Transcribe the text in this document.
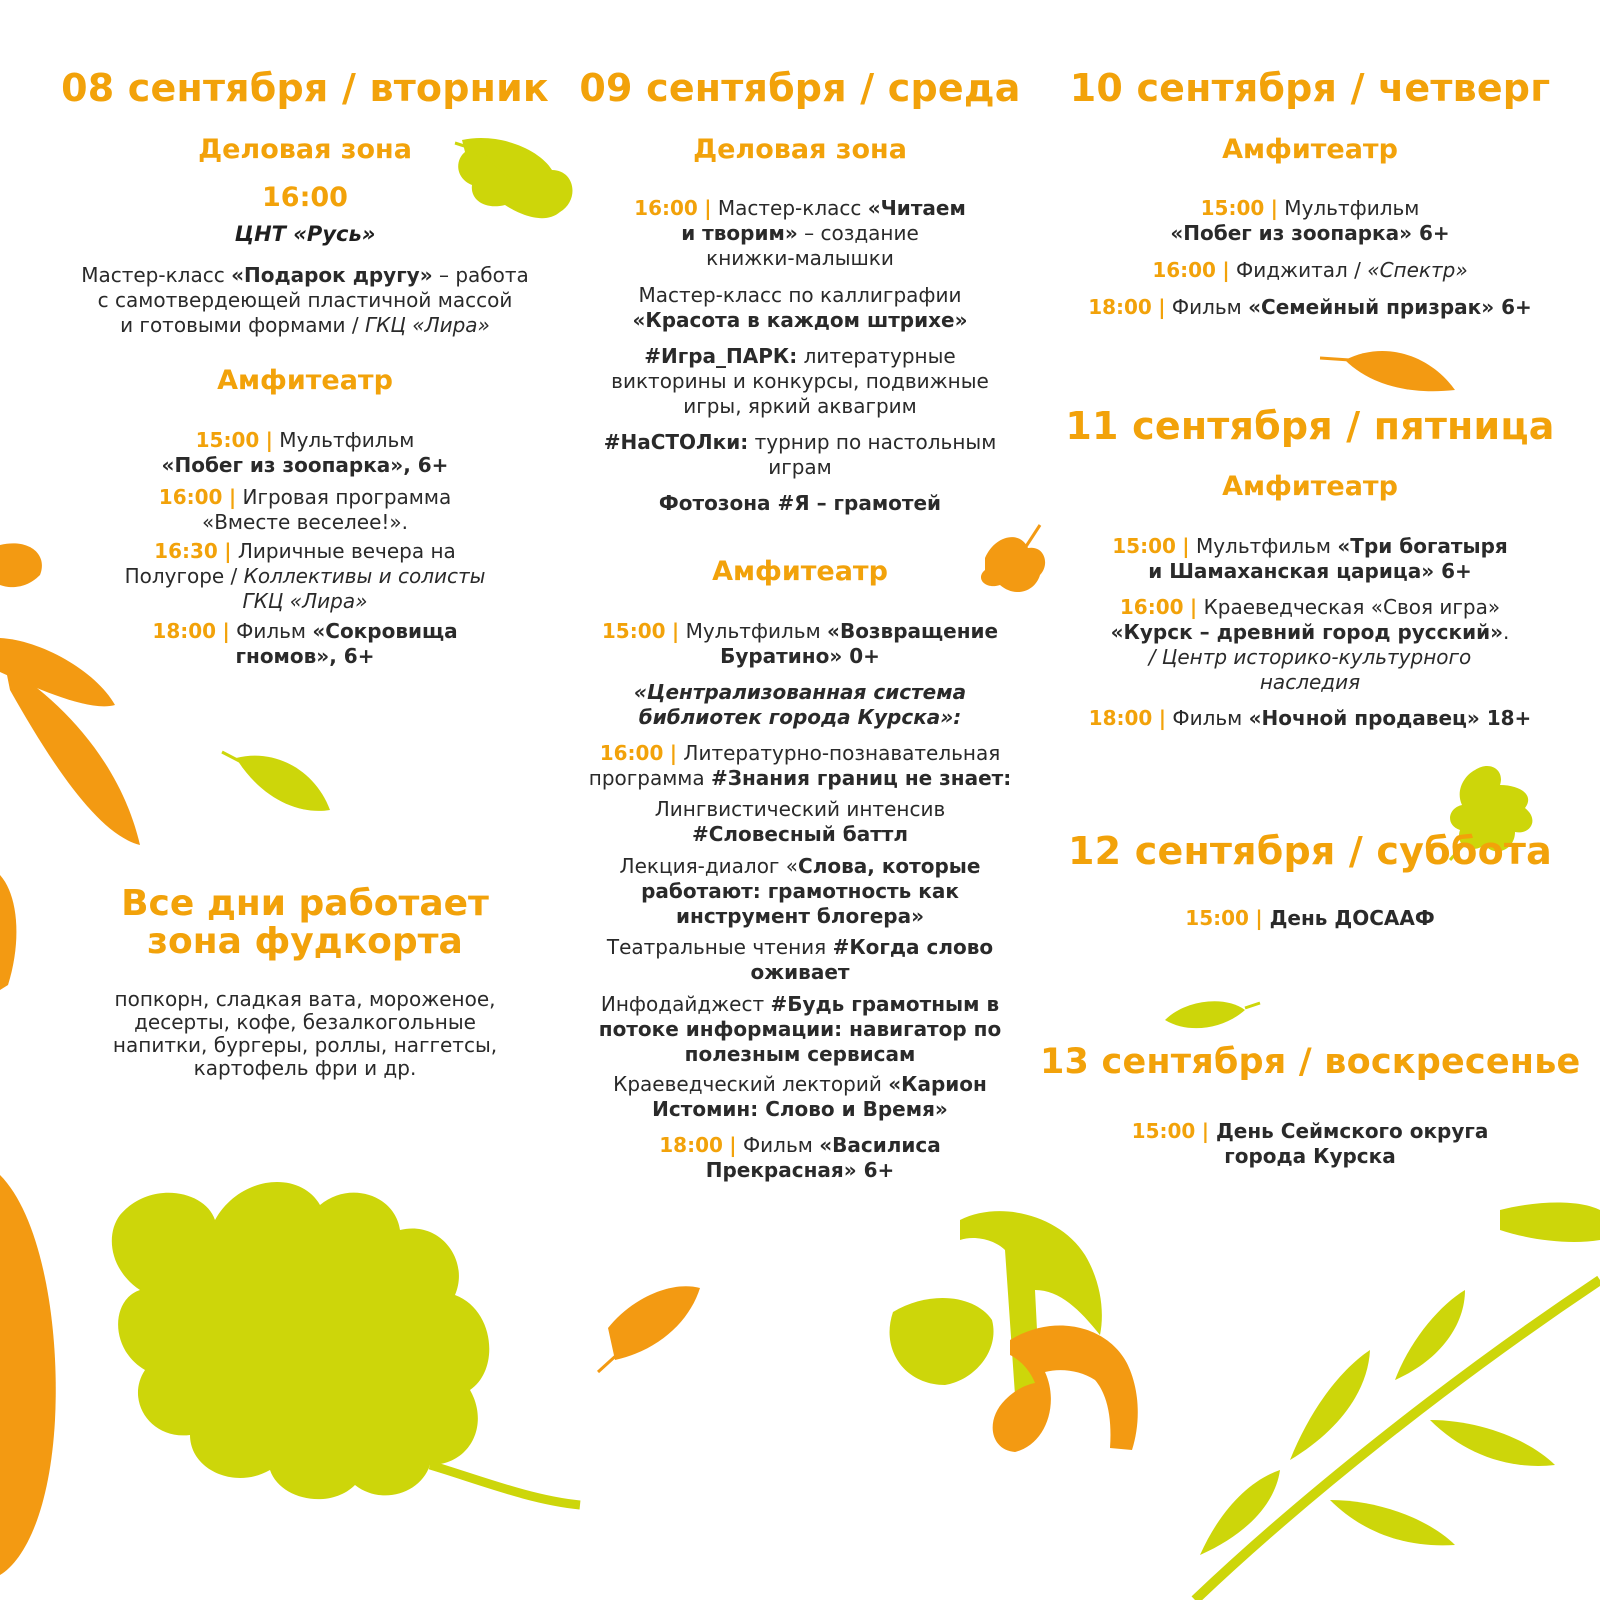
08 сентября / вторник
Деловая зона
16:00
ЦНТ «Русь»
Мастер-класс «Подарок другу» – работа
с самотвердеющей пластичной массой
и готовыми формами / ГКЦ «Лира»
Амфитеатр
15:00 | Мультфильм
«Побег из зоопарка», 6+
16:00 | Игровая программа
«Вместе веселее!».
16:30 | Лиричные вечера на
Полугоре / Коллективы и солисты
ГКЦ «Лира»
18:00 | Фильм «Сокровища
гномов», 6+
Все дни работает
зона фудкорта
попкорн, сладкая вата, мороженое,
десерты, кофе, безалкогольные
напитки, бургеры, роллы, наггетсы,
картофель фри и др.
09 сентября / среда
Деловая зона
16:00 | Мастер-класс «Читаем
и творим» – создание
книжки-малышки
Мастер-класс по каллиграфии
«Красота в каждом штрихе»
#Игра_ПАРК: литературные
викторины и конкурсы, подвижные
игры, яркий аквагрим
#НаСТОЛки: турнир по настольным
играм
Фотозона #Я – грамотей
Амфитеатр
15:00 | Мультфильм «Возвращение
Буратино» 0+
«Централизованная система
библиотек города Курска»:
16:00 | Литературно-познавательная
программа #Знания границ не знает:
Лингвистический интенсив
#Словесный баттл
Лекция-диалог «Слова, которые
работают: грамотность как
инструмент блогера»
Театральные чтения #Когда слово
оживает
Инфодайджест #Будь грамотным в
потоке информации: навигатор по
полезным сервисам
Краеведческий лекторий «Карион
Истомин: Слово и Время»
18:00 | Фильм «Василиса
Прекрасная» 6+
10 сентября / четверг
Амфитеатр
15:00 | Мультфильм
«Побег из зоопарка» 6+
16:00 | Фиджитал / «Спектр»
18:00 | Фильм «Семейный призрак» 6+
11 сентября / пятница
Амфитеатр
15:00 | Мультфильм «Три богатыря
и Шамаханская царица» 6+
16:00 | Краеведческая «Своя игра»
«Курск – древний город русский».
/ Центр историко-культурного
наследия
18:00 | Фильм «Ночной продавец» 18+
12 сентября / суббота
15:00 | День ДОСААФ
13 сентября / воскресенье
15:00 | День Сеймского округа
города Курска
